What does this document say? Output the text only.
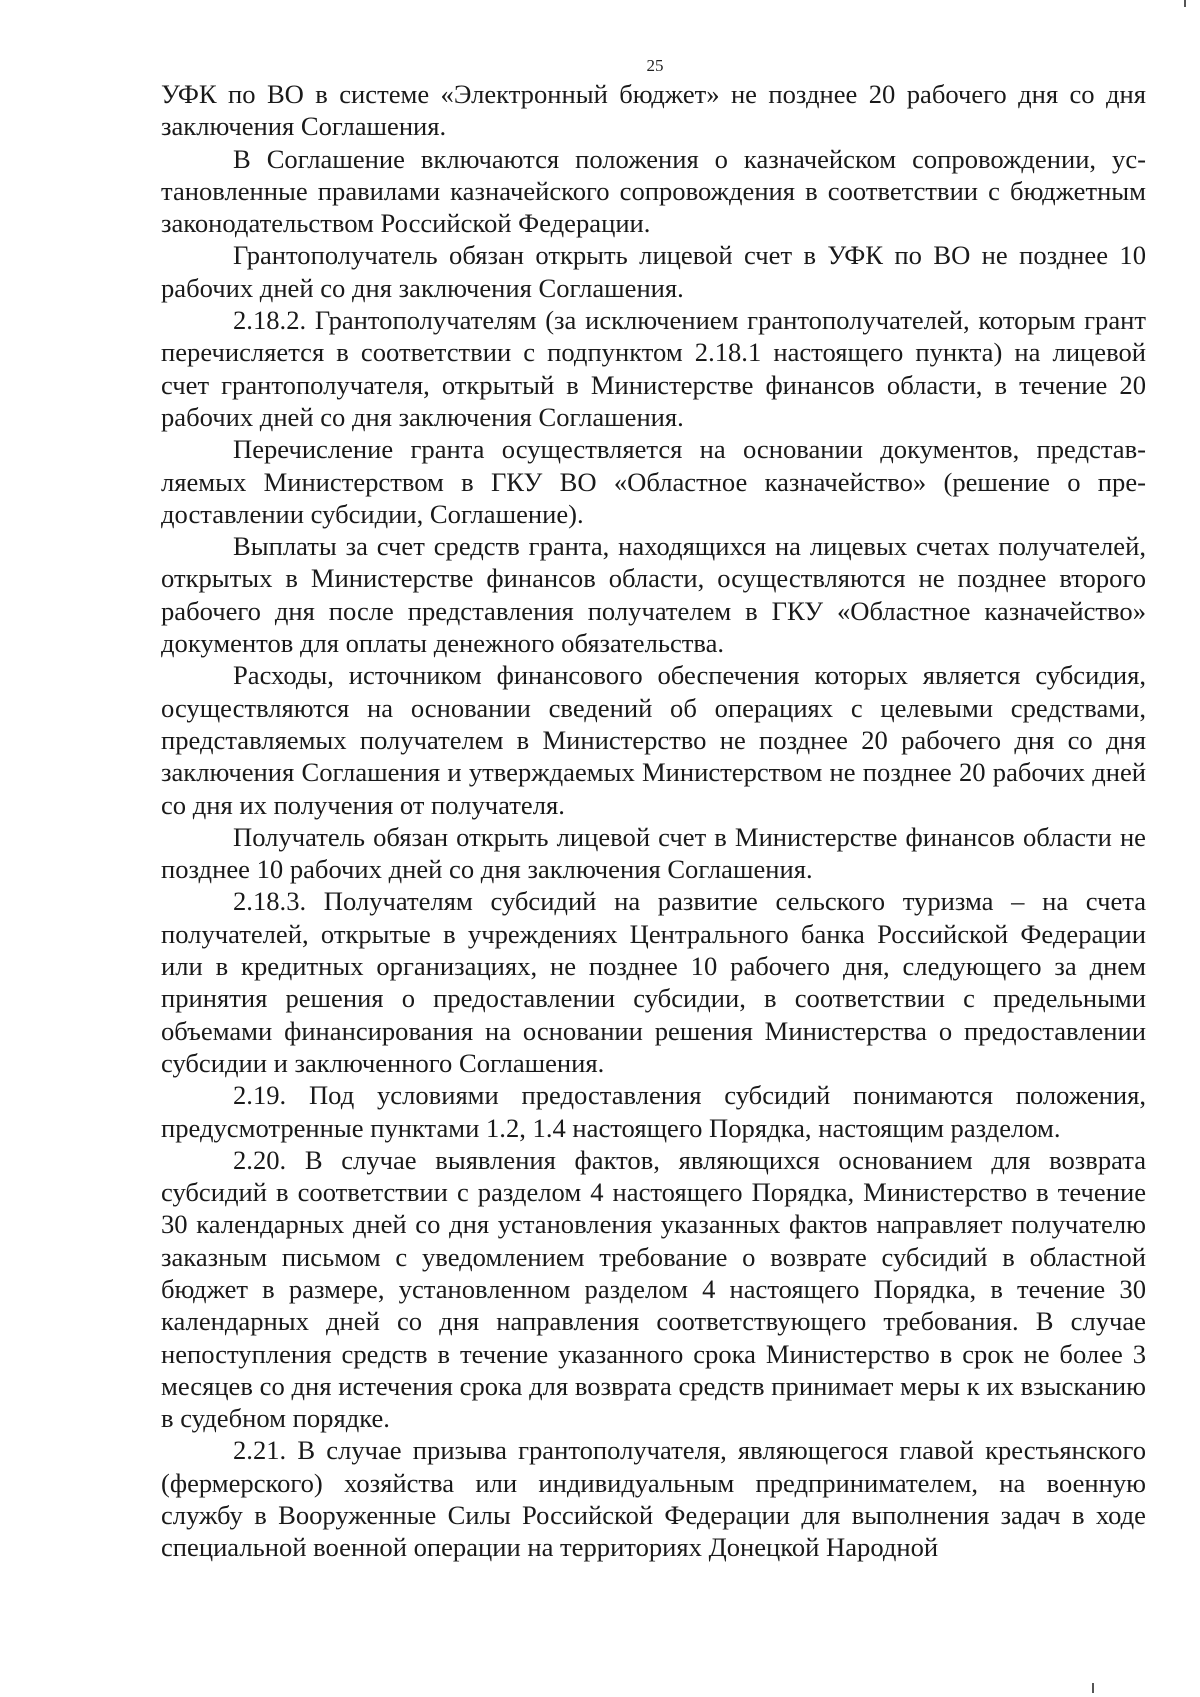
25

УФК по ВО в системе «Электронный бюджет» не позднее 20 рабочего дня со дня заключения Соглашения.

В Соглашение включаются положения о казначейском сопровождении, установленные правилами казначейского сопровождения в соответствии с бюджетным законодательством Российской Федерации.

Грантополучатель обязан открыть лицевой счет в УФК по ВО не позднее 10 рабочих дней со дня заключения Соглашения.

2.18.2. Грантополучателям (за исключением грантополучателей, которым грант перечисляется в соответствии с подпунктом 2.18.1 настоящего пункта) на лицевой счет грантополучателя, открытый в Министерстве финансов области, в течение 20 рабочих дней со дня заключения Соглашения.

Перечисление гранта осуществляется на основании документов, представляемых Министерством в ГКУ ВО «Областное казначейство» (решение о предоставлении субсидии, Соглашение).

Выплаты за счет средств гранта, находящихся на лицевых счетах получателей, открытых в Министерстве финансов области, осуществляются не позднее второго рабочего дня после представления получателем в ГКУ «Областное казначейство» документов для оплаты денежного обязательства.

Расходы, источником финансового обеспечения которых является субсидия, осуществляются на основании сведений об операциях с целевыми средствами, представляемых получателем в Министерство не позднее 20 рабочего дня со дня заключения Соглашения и утверждаемых Министерством не позднее 20 рабочих дней со дня их получения от получателя.

Получатель обязан открыть лицевой счет в Министерстве финансов области не позднее 10 рабочих дней со дня заключения Соглашения.

2.18.3. Получателям субсидий на развитие сельского туризма – на счета получателей, открытые в учреждениях Центрального банка Российской Федерации или в кредитных организациях, не позднее 10 рабочего дня, следующего за днем принятия решения о предоставлении субсидии, в соответствии с предельными объемами финансирования на основании решения Министерства о предоставлении субсидии и заключенного Соглашения.

2.19. Под условиями предоставления субсидий понимаются положения, предусмотренные пунктами 1.2, 1.4 настоящего Порядка, настоящим разделом.

2.20. В случае выявления фактов, являющихся основанием для возврата субсидий в соответствии с разделом 4 настоящего Порядка, Министерство в течение 30 календарных дней со дня установления указанных фактов направляет получателю заказным письмом с уведомлением требование о возврате субсидий в областной бюджет в размере, установленном разделом 4 настоящего Порядка, в течение 30 календарных дней со дня направления соответствующего требования. В случае непоступления средств в течение указанного срока Министерство в срок не более 3 месяцев со дня истечения срока для возврата средств принимает меры к их взысканию в судебном порядке.

2.21. В случае призыва грантополучателя, являющегося главой крестьянского (фермерского) хозяйства или индивидуальным предпринимателем, на военную службу в Вооруженные Силы Российской Федерации для выполнения задач в ходе специальной военной операции на территориях Донецкой Народной
